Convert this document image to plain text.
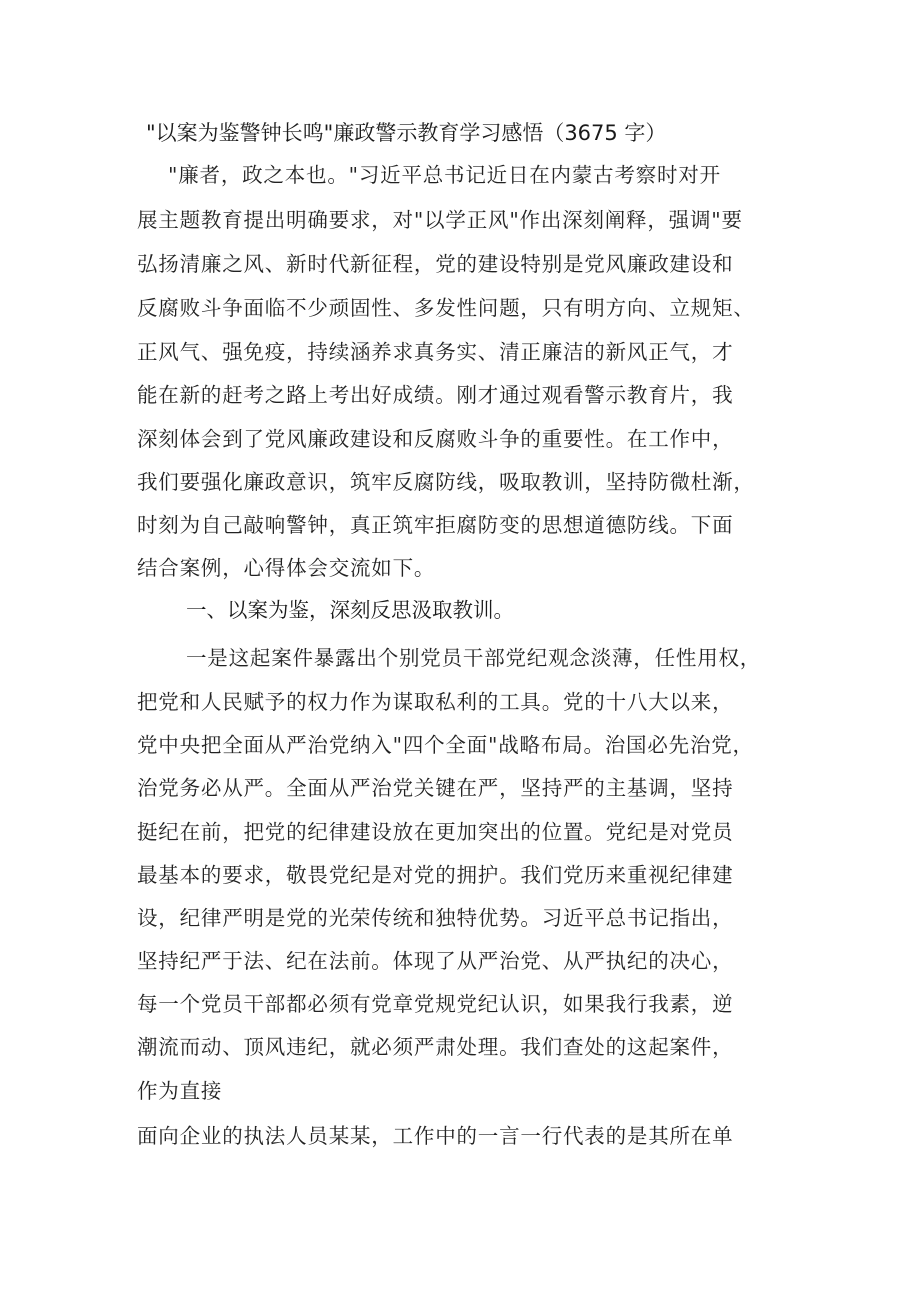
"以案为鉴警钟长鸣"廉政警示教育学习感悟（3675 字）
"廉者，政之本也。"习近平总书记近日在内蒙古考察时对开
展主题教育提出明确要求，对"以学正风"作出深刻阐释，强调"要
弘扬清廉之风、新时代新征程，党的建设特别是党风廉政建设和
反腐败斗争面临不少顽固性、多发性问题，只有明方向、立规矩、
正风气、强免疫，持续涵养求真务实、清正廉洁的新风正气，才
能在新的赶考之路上考出好成绩。刚才通过观看警示教育片，我
深刻体会到了党风廉政建设和反腐败斗争的重要性。在工作中，
我们要强化廉政意识，筑牢反腐防线，吸取教训，坚持防微杜渐，
时刻为自己敲响警钟，真正筑牢拒腐防变的思想道德防线。下面
结合案例，心得体会交流如下。
一、以案为鉴，深刻反思汲取教训。
一是这起案件暴露出个别党员干部党纪观念淡薄，任性用权，
把党和人民赋予的权力作为谋取私利的工具。党的十八大以来，
党中央把全面从严治党纳入"四个全面"战略布局。治国必先治党，
治党务必从严。全面从严治党关键在严，坚持严的主基调，坚持
挺纪在前，把党的纪律建设放在更加突出的位置。党纪是对党员
最基本的要求，敬畏党纪是对党的拥护。我们党历来重视纪律建
设，纪律严明是党的光荣传统和独特优势。习近平总书记指出，
坚持纪严于法、纪在法前。体现了从严治党、从严执纪的决心，
每一个党员干部都必须有党章党规党纪认识，如果我行我素，逆
潮流而动、顶风违纪，就必须严肃处理。我们查处的这起案件，
作为直接
面向企业的执法人员某某，工作中的一言一行代表的是其所在单
